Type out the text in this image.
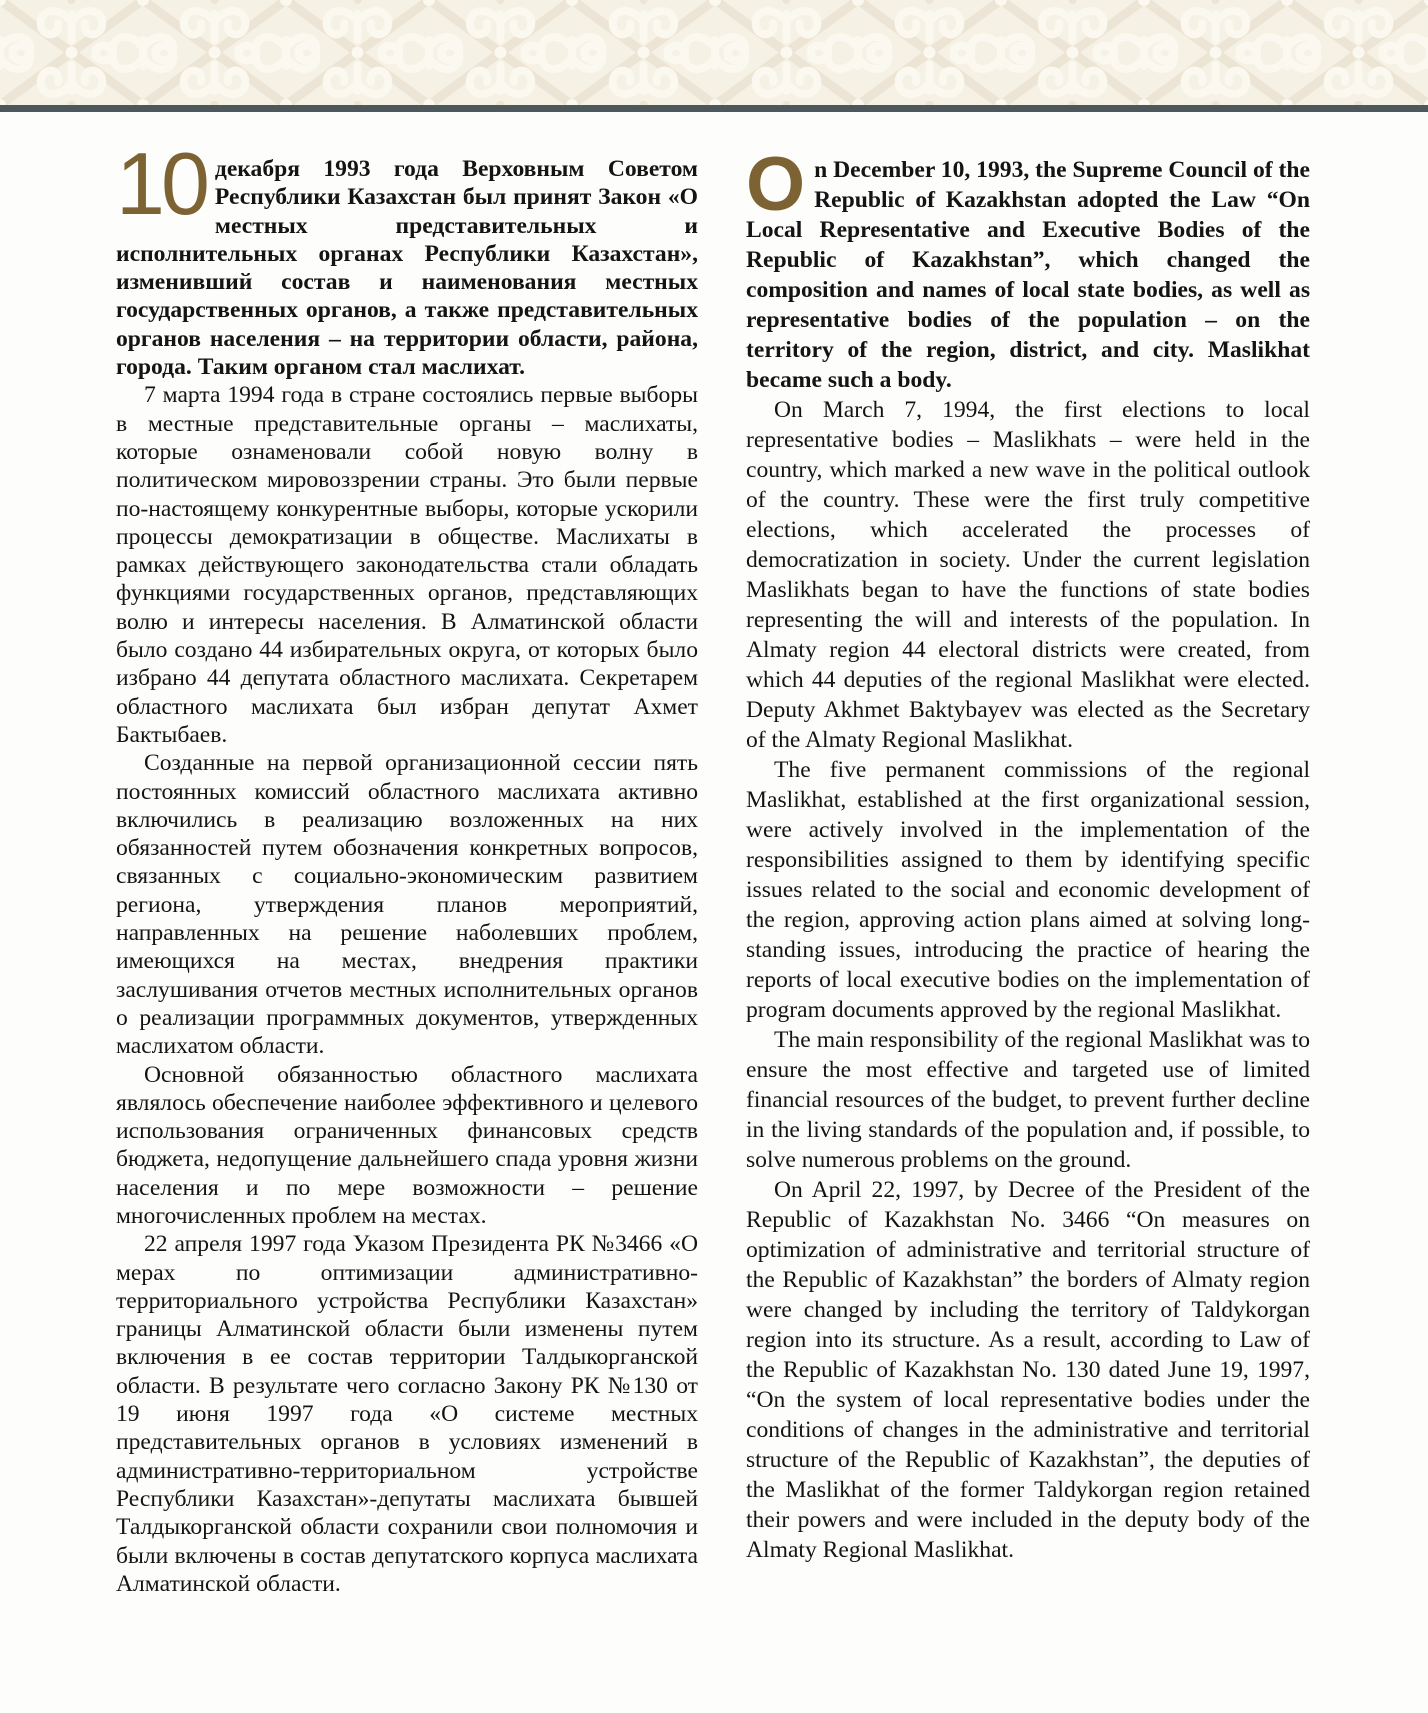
10 декабря 1993 года Верховным Советом Республики Казахстан был принят Закон «О местных представительных и исполнительных органах Республики Казахстан», изменивший состав и наименования местных государственных органов, а также представительных органов населения – на территории области, района, города. Таким органом стал маслихат.

7 марта 1994 года в стране состоялись первые выборы в местные представительные органы – маслихаты, которые ознаменовали собой новую волну в политическом мировоззрении страны. Это были первые по-настоящему конкурентные выборы, которые ускорили процессы демократизации в обществе. Маслихаты в рамках действующего законодательства стали обладать функциями государственных органов, представляющих волю и интересы населения. В Алматинской области было создано 44 избирательных округа, от которых было избрано 44 депутата областного маслихата. Секретарем областного маслихата был избран депутат Ахмет Бактыбаев.

Созданные на первой организационной сессии пять постоянных комиссий областного маслихата активно включились в реализацию возложенных на них обязанностей путем обозначения конкретных вопросов, связанных с социально-экономическим развитием региона, утверждения планов мероприятий, направленных на решение наболевших проблем, имеющихся на местах, внедрения практики заслушивания отчетов местных исполнительных органов о реализации программных документов, утвержденных маслихатом области.

Основной обязанностью областного маслихата являлось обеспечение наиболее эффективного и целевого использования ограниченных финансовых средств бюджета, недопущение дальнейшего спада уровня жизни населения и по мере возможности – решение многочисленных проблем на местах.

22 апреля 1997 года Указом Президента РК №3466 «О мерах по оптимизации административно-территориального устройства Республики Казахстан» границы Алматинской области были изменены путем включения в ее состав территории Талдыкорганской области. В результате чего согласно Закону РК №130 от 19 июня 1997 года «О системе местных представительных органов в условиях изменений в административно-территориальном устройстве Республики Казахстан»-депутаты маслихата бывшей Талдыкорганской области сохранили свои полномочия и были включены в состав депутатского корпуса маслихата Алматинской области.

On December 10, 1993, the Supreme Council of the Republic of Kazakhstan adopted the Law “On Local Representative and Executive Bodies of the Republic of Kazakhstan”, which changed the composition and names of local state bodies, as well as representative bodies of the population – on the territory of the region, district, and city. Maslikhat became such a body.

On March 7, 1994, the first elections to local representative bodies – Maslikhats – were held in the country, which marked a new wave in the political outlook of the country. These were the first truly competitive elections, which accelerated the processes of democratization in society. Under the current legislation Maslikhats began to have the functions of state bodies representing the will and interests of the population. In Almaty region 44 electoral districts were created, from which 44 deputies of the regional Maslikhat were elected. Deputy Akhmet Baktybayev was elected as the Secretary of the Almaty Regional Maslikhat.

The five permanent commissions of the regional Maslikhat, established at the first organizational session, were actively involved in the implementation of the responsibilities assigned to them by identifying specific issues related to the social and economic development of the region, approving action plans aimed at solving long-standing issues, introducing the practice of hearing the reports of local executive bodies on the implementation of program documents approved by the regional Maslikhat.

The main responsibility of the regional Maslikhat was to ensure the most effective and targeted use of limited financial resources of the budget, to prevent further decline in the living standards of the population and, if possible, to solve numerous problems on the ground.

On April 22, 1997, by Decree of the President of the Republic of Kazakhstan No. 3466 “On measures on optimization of administrative and territorial structure of the Republic of Kazakhstan” the borders of Almaty region were changed by including the territory of Taldykorgan region into its structure. As a result, according to Law of the Republic of Kazakhstan No. 130 dated June 19, 1997, “On the system of local representative bodies under the conditions of changes in the administrative and territorial structure of the Republic of Kazakhstan”, the deputies of the Maslikhat of the former Taldykorgan region retained their powers and were included in the deputy body of the Almaty Regional Maslikhat.
